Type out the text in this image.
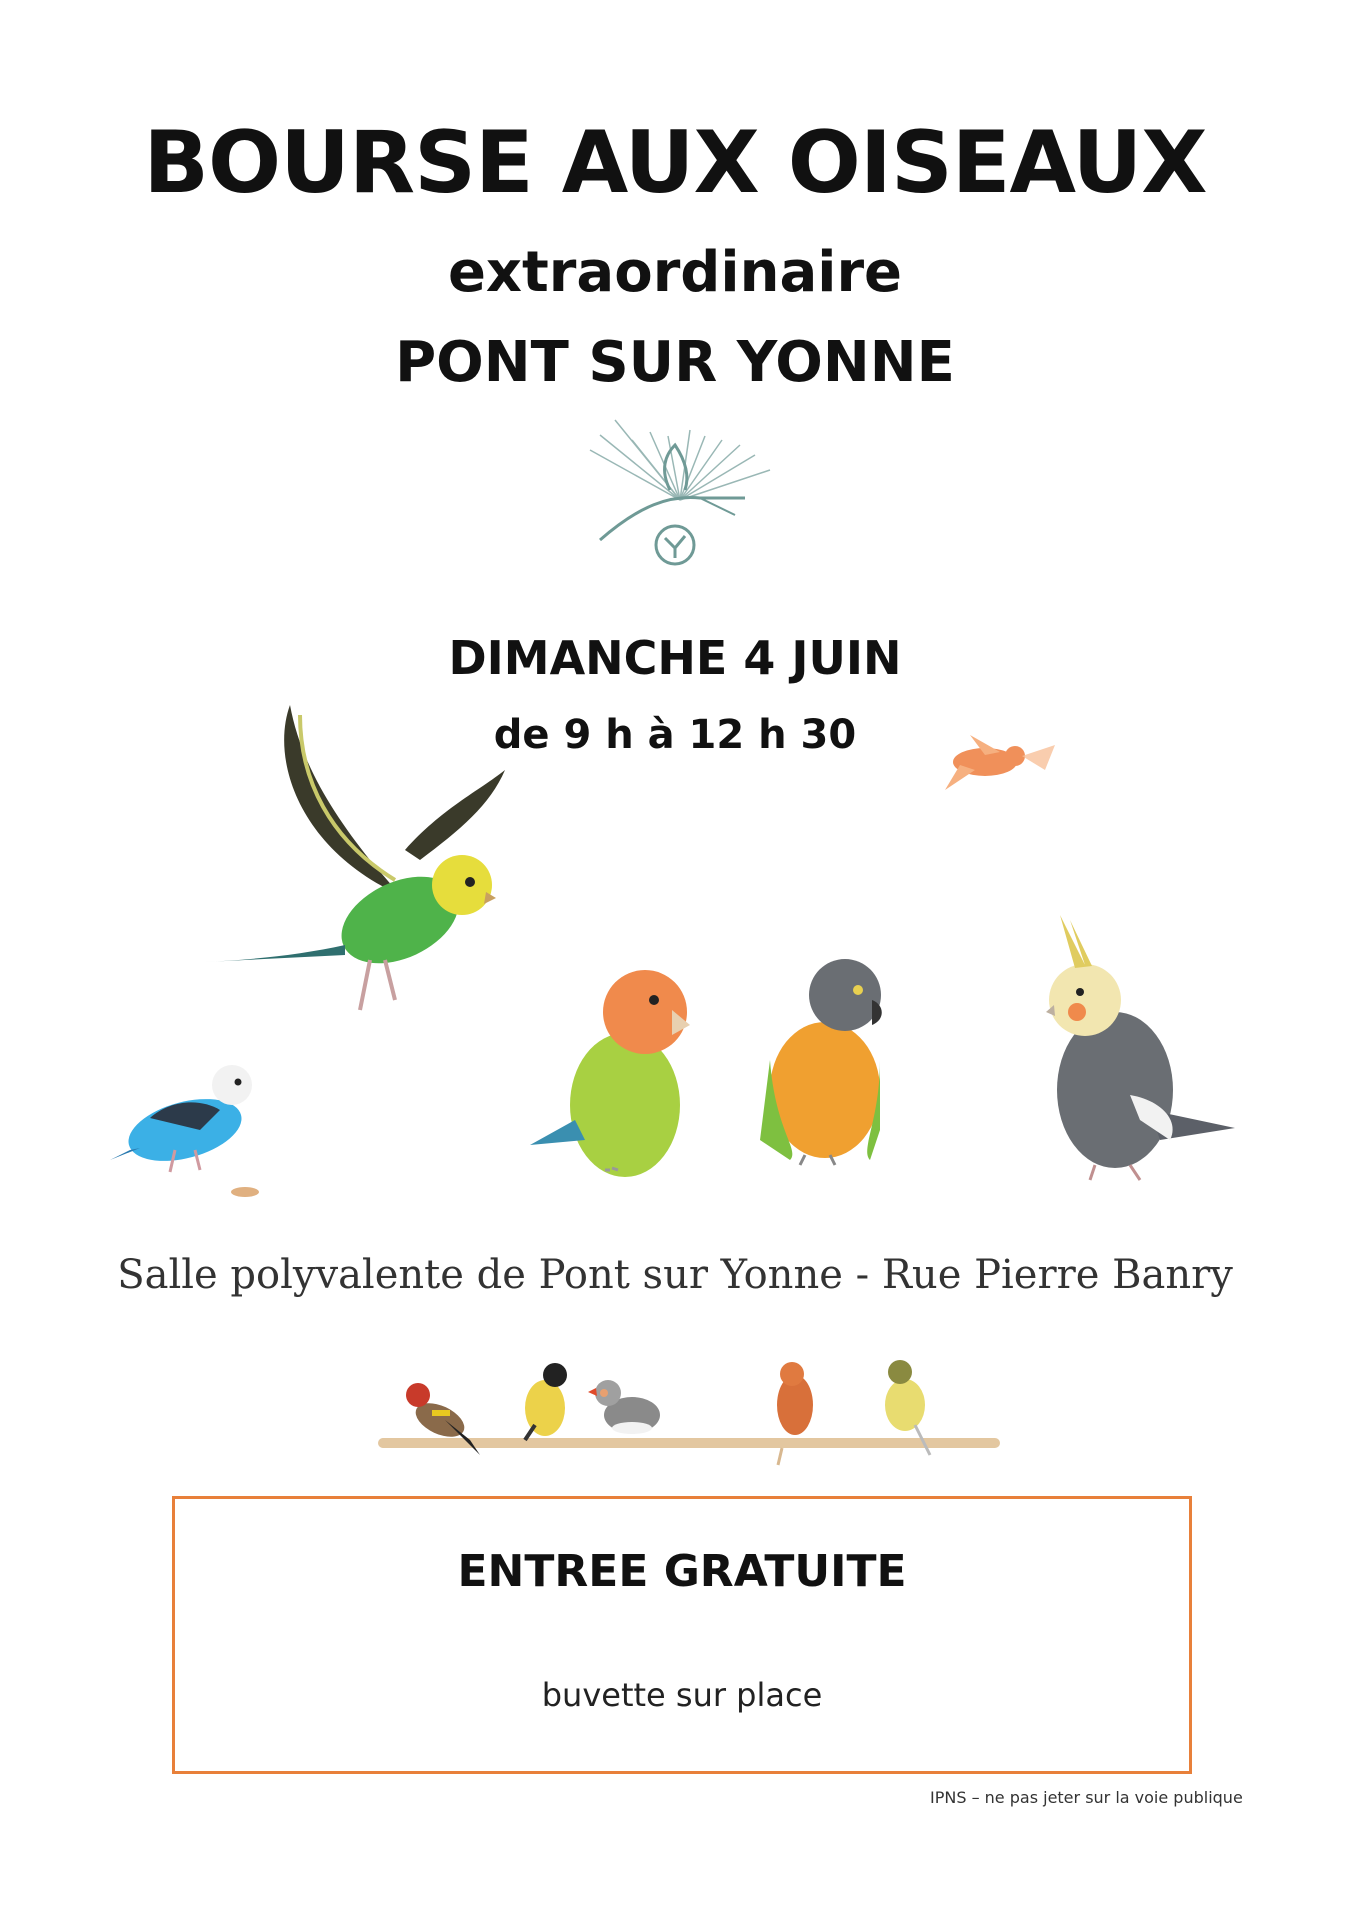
BOURSE AUX OISEAUX
extraordinaire
PONT SUR YONNE
DIMANCHE 4 JUIN
de 9 h à 12 h 30
Salle polyvalente de Pont sur Yonne - Rue Pierre Banry
ENTREE GRATUITE
buvette sur place
IPNS – ne pas jeter sur la voie publique
